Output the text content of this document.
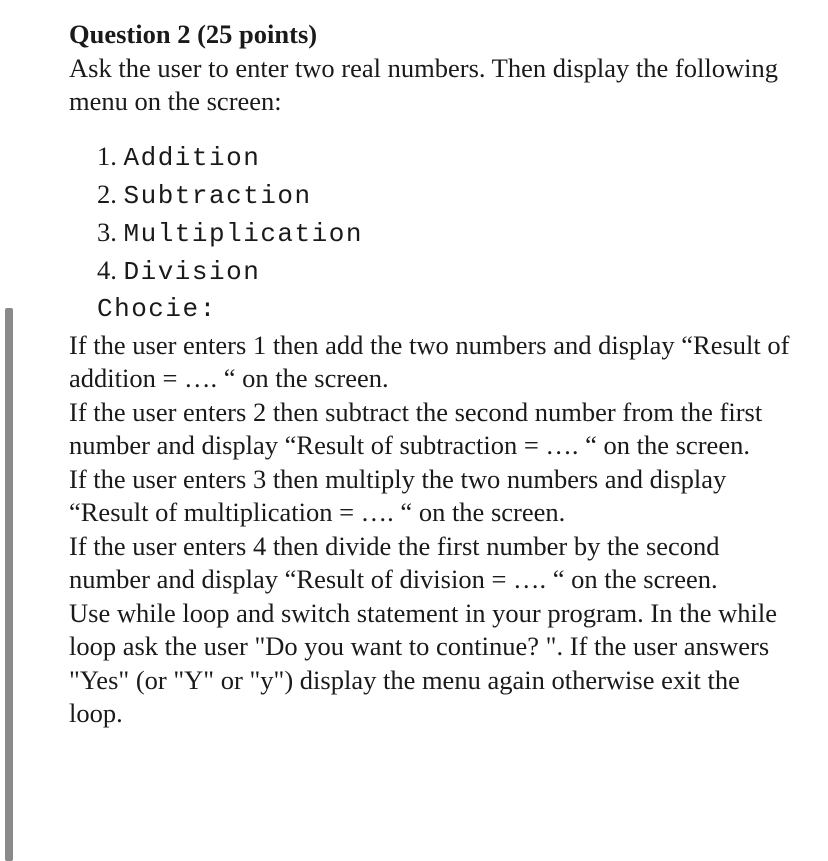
Question 2 (25 points)

Ask the user to enter two real numbers. Then display the following menu on the screen:

1. Addition
2. Subtraction
3. Multiplication
4. Division
Chocie:

If the user enters 1 then add the two numbers and display “Result of addition = …. “ on the screen.

If the user enters 2 then subtract the second number from the first number and display “Result of subtraction = …. “ on the screen.

If the user enters 3 then multiply the two numbers and display “Result of multiplication = …. “ on the screen.

If the user enters 4 then divide the first number by the second number and display “Result of division = …. “ on the screen.

Use while loop and switch statement in your program. In the while loop ask the user "Do you want to continue? ". If the user answers "Yes" (or "Y" or "y") display the menu again otherwise exit the loop.
